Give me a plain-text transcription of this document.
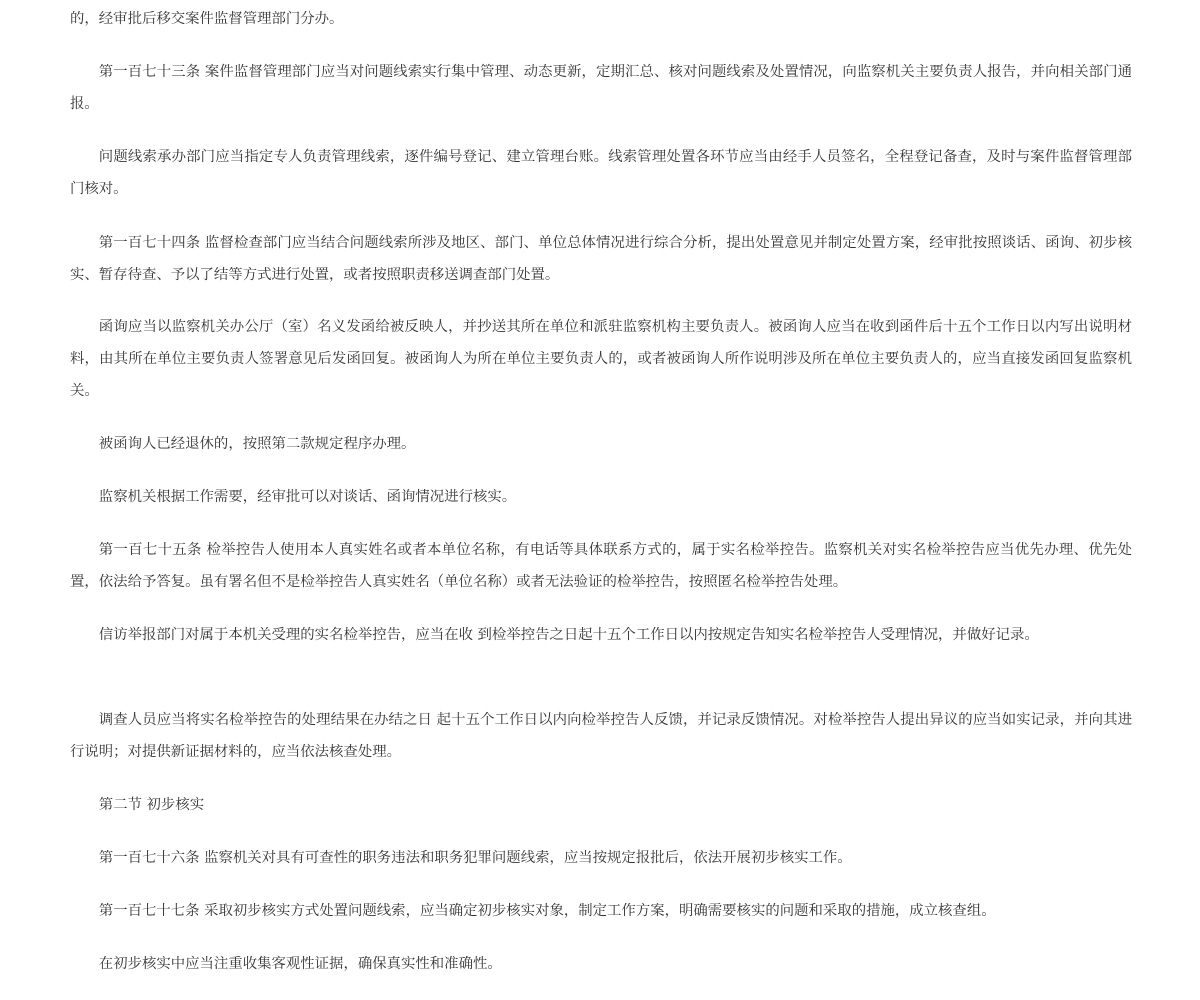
的，经审批后移交案件监督管理部门分办。

第一百七十三条 案件监督管理部门应当对问题线索实行集中管理、动态更新，定期汇总、核对问题线索及处置情况，向监察机关主要负责人报告，并向相关部门通报。

问题线索承办部门应当指定专人负责管理线索，逐件编号登记、建立管理台账。线索管理处置各环节应当由经手人员签名，全程登记备查，及时与案件监督管理部门核对。

第一百七十四条 监督检查部门应当结合问题线索所涉及地区、部门、单位总体情况进行综合分析，提出处置意见并制定处置方案，经审批按照谈话、函询、初步核实、暂存待查、予以了结等方式进行处置，或者按照职责移送调查部门处置。

函询应当以监察机关办公厅（室）名义发函给被反映人，并抄送其所在单位和派驻监察机构主要负责人。被函询人应当在收到函件后十五个工作日以内写出说明材料，由其所在单位主要负责人签署意见后发函回复。被函询人为所在单位主要负责人的，或者被函询人所作说明涉及所在单位主要负责人的，应当直接发函回复监察机关。

被函询人已经退休的，按照第二款规定程序办理。

监察机关根据工作需要，经审批可以对谈话、函询情况进行核实。

第一百七十五条 检举控告人使用本人真实姓名或者本单位名称，有电话等具体联系方式的，属于实名检举控告。监察机关对实名检举控告应当优先办理、优先处置，依法给予答复。虽有署名但不是检举控告人真实姓名（单位名称）或者无法验证的检举控告，按照匿名检举控告处理。

信访举报部门对属于本机关受理的实名检举控告，应当在收 到检举控告之日起十五个工作日以内按规定告知实名检举控告人受理情况，并做好记录。

调查人员应当将实名检举控告的处理结果在办结之日 起十五个工作日以内向检举控告人反馈，并记录反馈情况。对检举控告人提出异议的应当如实记录，并向其进行说明；对提供新证据材料的，应当依法核查处理。

第二节 初步核实

第一百七十六条 监察机关对具有可查性的职务违法和职务犯罪问题线索，应当按规定报批后，依法开展初步核实工作。

第一百七十七条 采取初步核实方式处置问题线索，应当确定初步核实对象，制定工作方案，明确需要核实的问题和采取的措施，成立核查组。

在初步核实中应当注重收集客观性证据，确保真实性和准确性。
